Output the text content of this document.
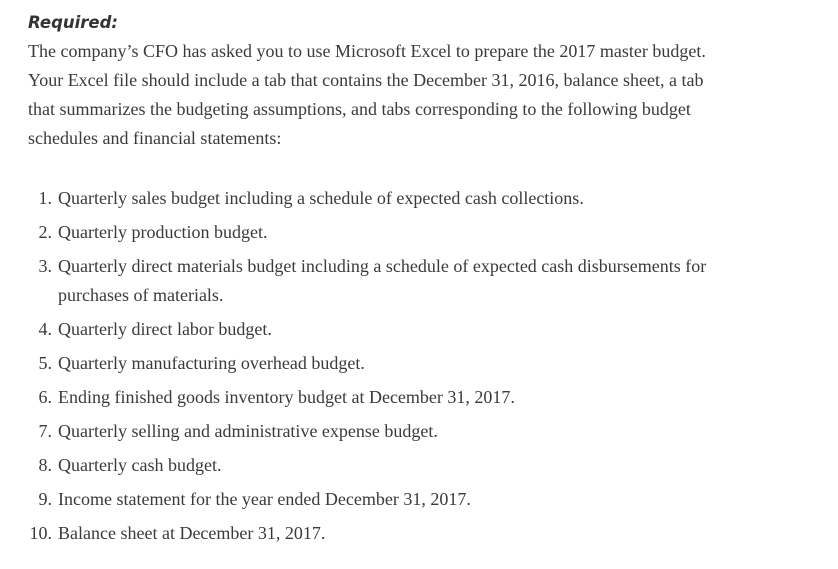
Required:

The company’s CFO has asked you to use Microsoft Excel to prepare the 2017 master budget.
Your Excel file should include a tab that contains the December 31, 2016, balance sheet, a tab
that summarizes the budgeting assumptions, and tabs corresponding to the following budget
schedules and financial statements:

1. Quarterly sales budget including a schedule of expected cash collections.
2. Quarterly production budget.
3. Quarterly direct materials budget including a schedule of expected cash disbursements for
purchases of materials.
4. Quarterly direct labor budget.
5. Quarterly manufacturing overhead budget.
6. Ending finished goods inventory budget at December 31, 2017.
7. Quarterly selling and administrative expense budget.
8. Quarterly cash budget.
9. Income statement for the year ended December 31, 2017.
10. Balance sheet at December 31, 2017.
